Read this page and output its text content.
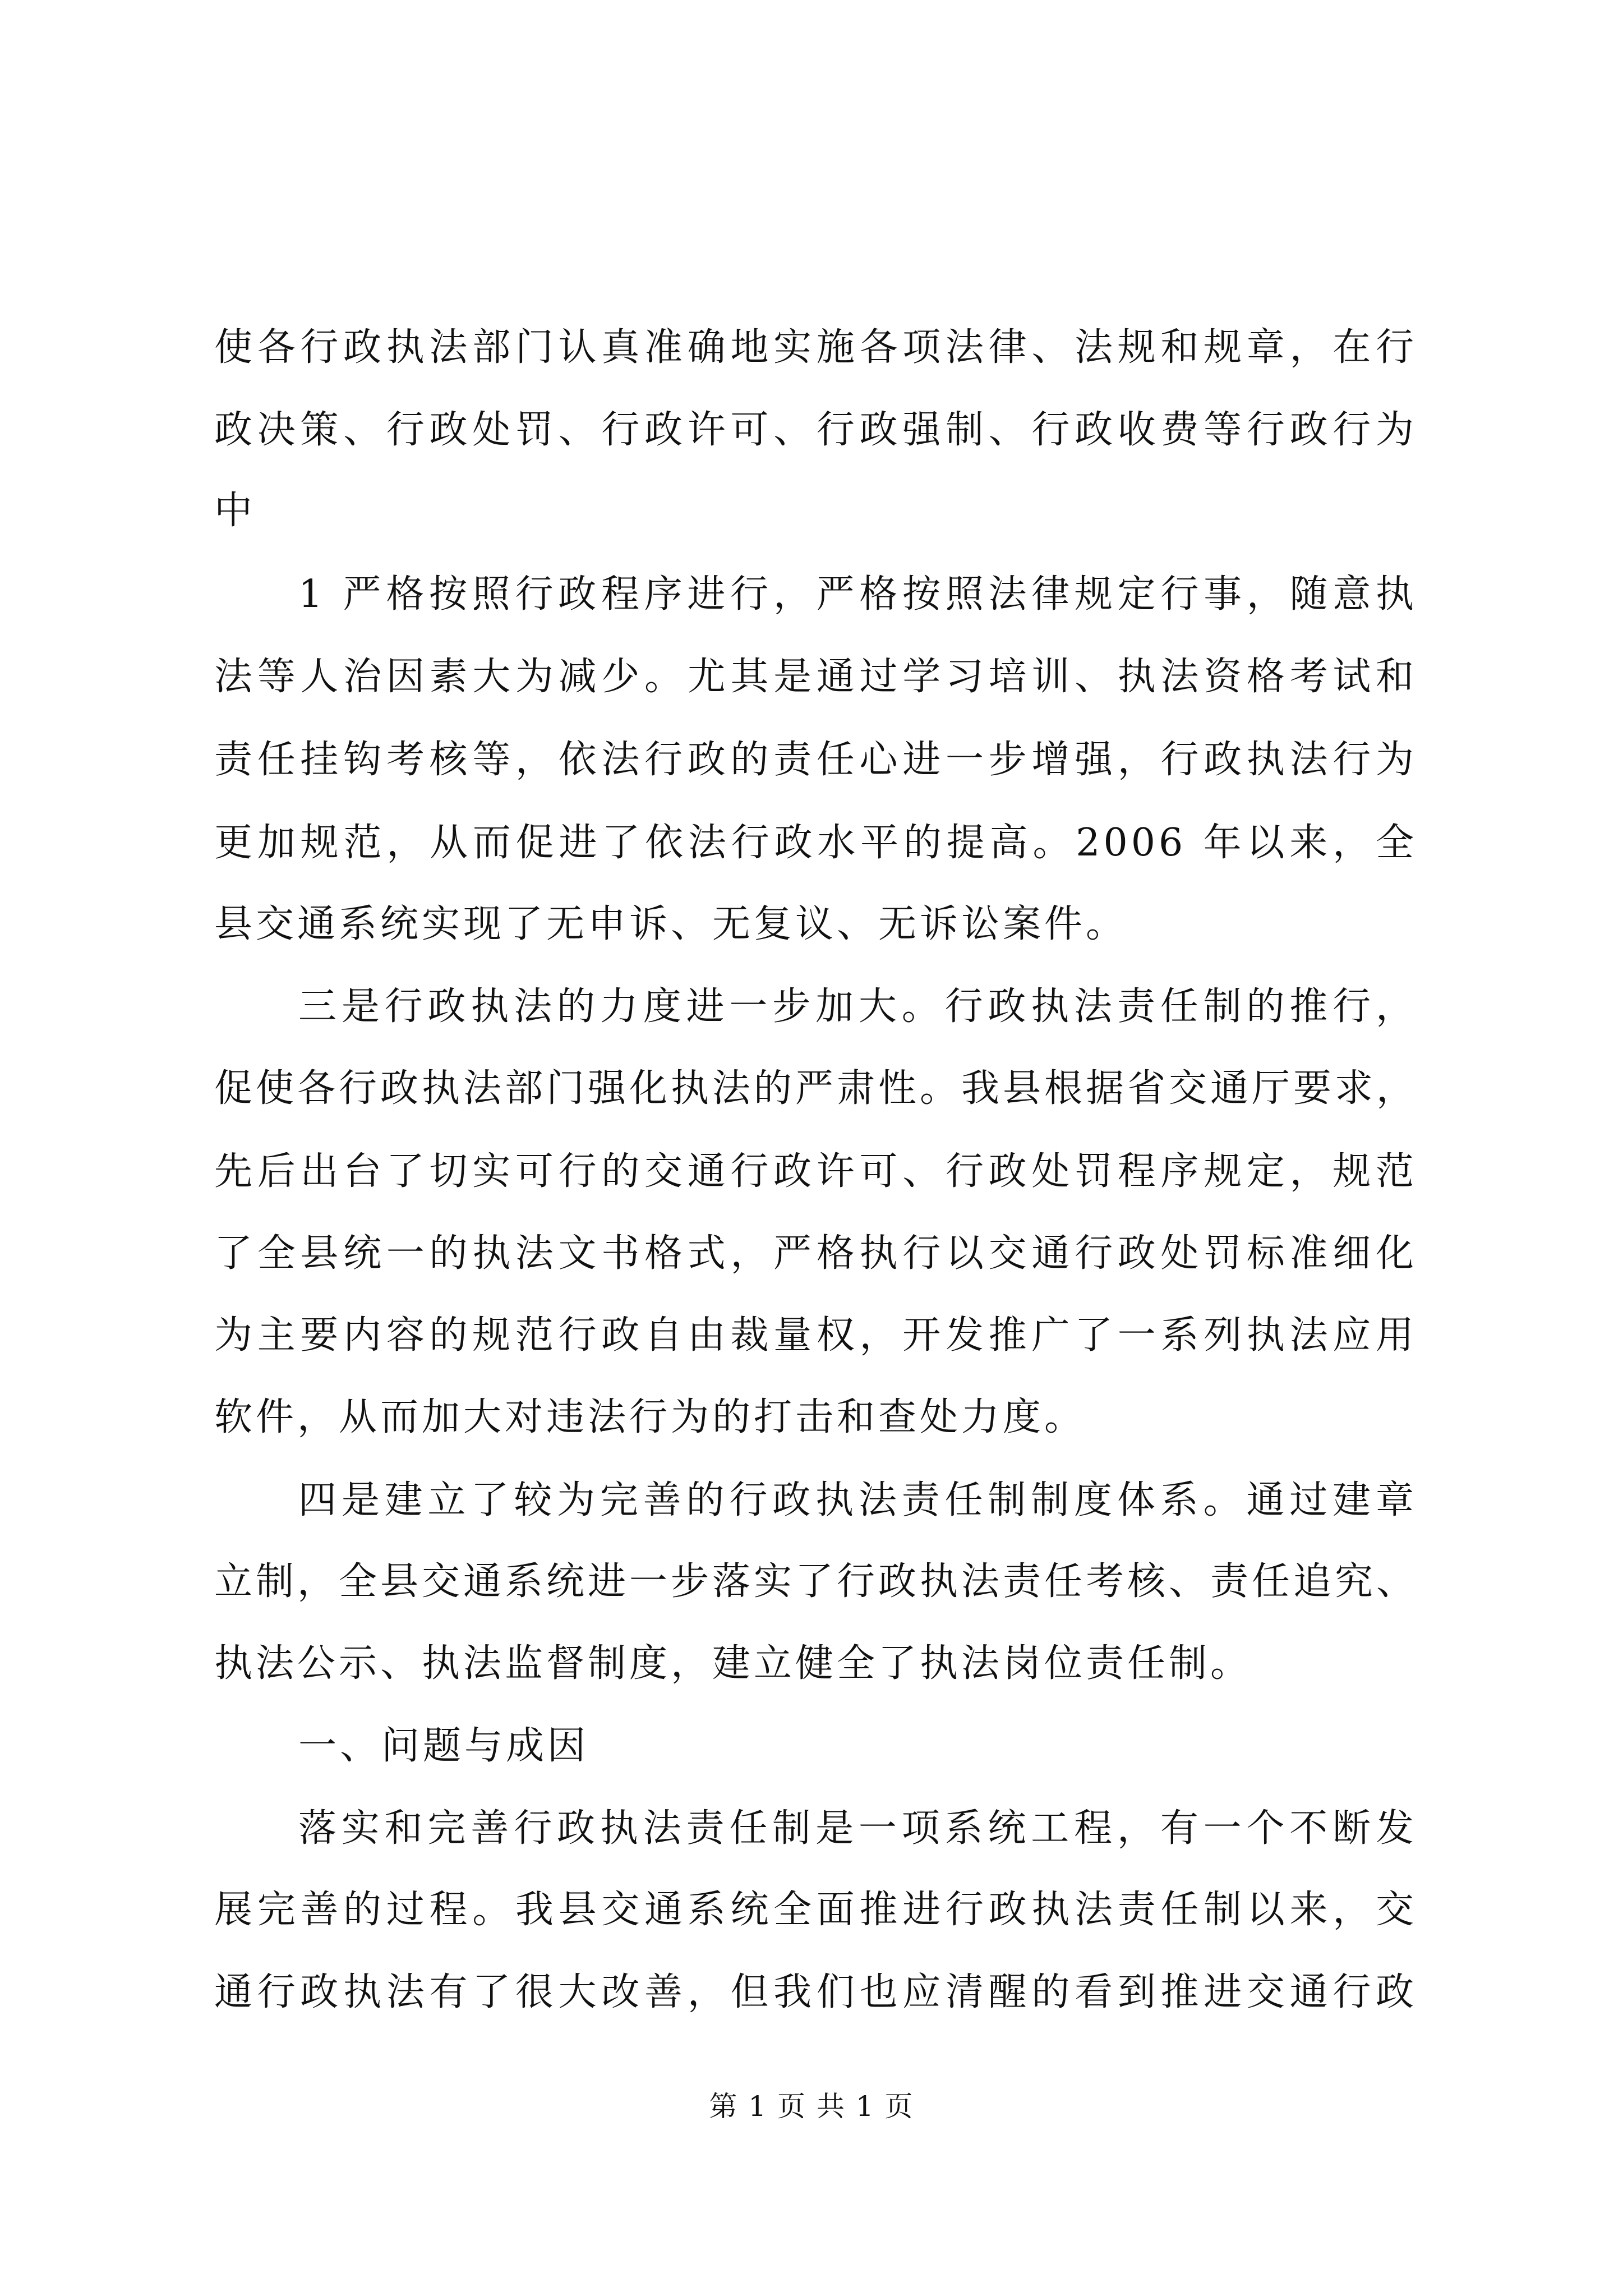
使各行政执法部门认真准确地实施各项法律、法规和规章，在行
政决策、行政处罚、行政许可、行政强制、行政收费等行政行为
中
1 严格按照行政程序进行，严格按照法律规定行事，随意执
法等人治因素大为减少。尤其是通过学习培训、执法资格考试和
责任挂钩考核等，依法行政的责任心进一步增强，行政执法行为
更加规范，从而促进了依法行政水平的提高。2006 年以来，全
县交通系统实现了无申诉、无复议、无诉讼案件。
三是行政执法的力度进一步加大。行政执法责任制的推行，
促使各行政执法部门强化执法的严肃性。我县根据省交通厅要求，
先后出台了切实可行的交通行政许可、行政处罚程序规定，规范
了全县统一的执法文书格式，严格执行以交通行政处罚标准细化
为主要内容的规范行政自由裁量权，开发推广了一系列执法应用
软件，从而加大对违法行为的打击和查处力度。
四是建立了较为完善的行政执法责任制制度体系。通过建章
立制，全县交通系统进一步落实了行政执法责任考核、责任追究、
执法公示、执法监督制度，建立健全了执法岗位责任制。
一、问题与成因
落实和完善行政执法责任制是一项系统工程，有一个不断发
展完善的过程。我县交通系统全面推进行政执法责任制以来，交
通行政执法有了很大改善，但我们也应清醒的看到推进交通行政
第 1 页 共 1 页
